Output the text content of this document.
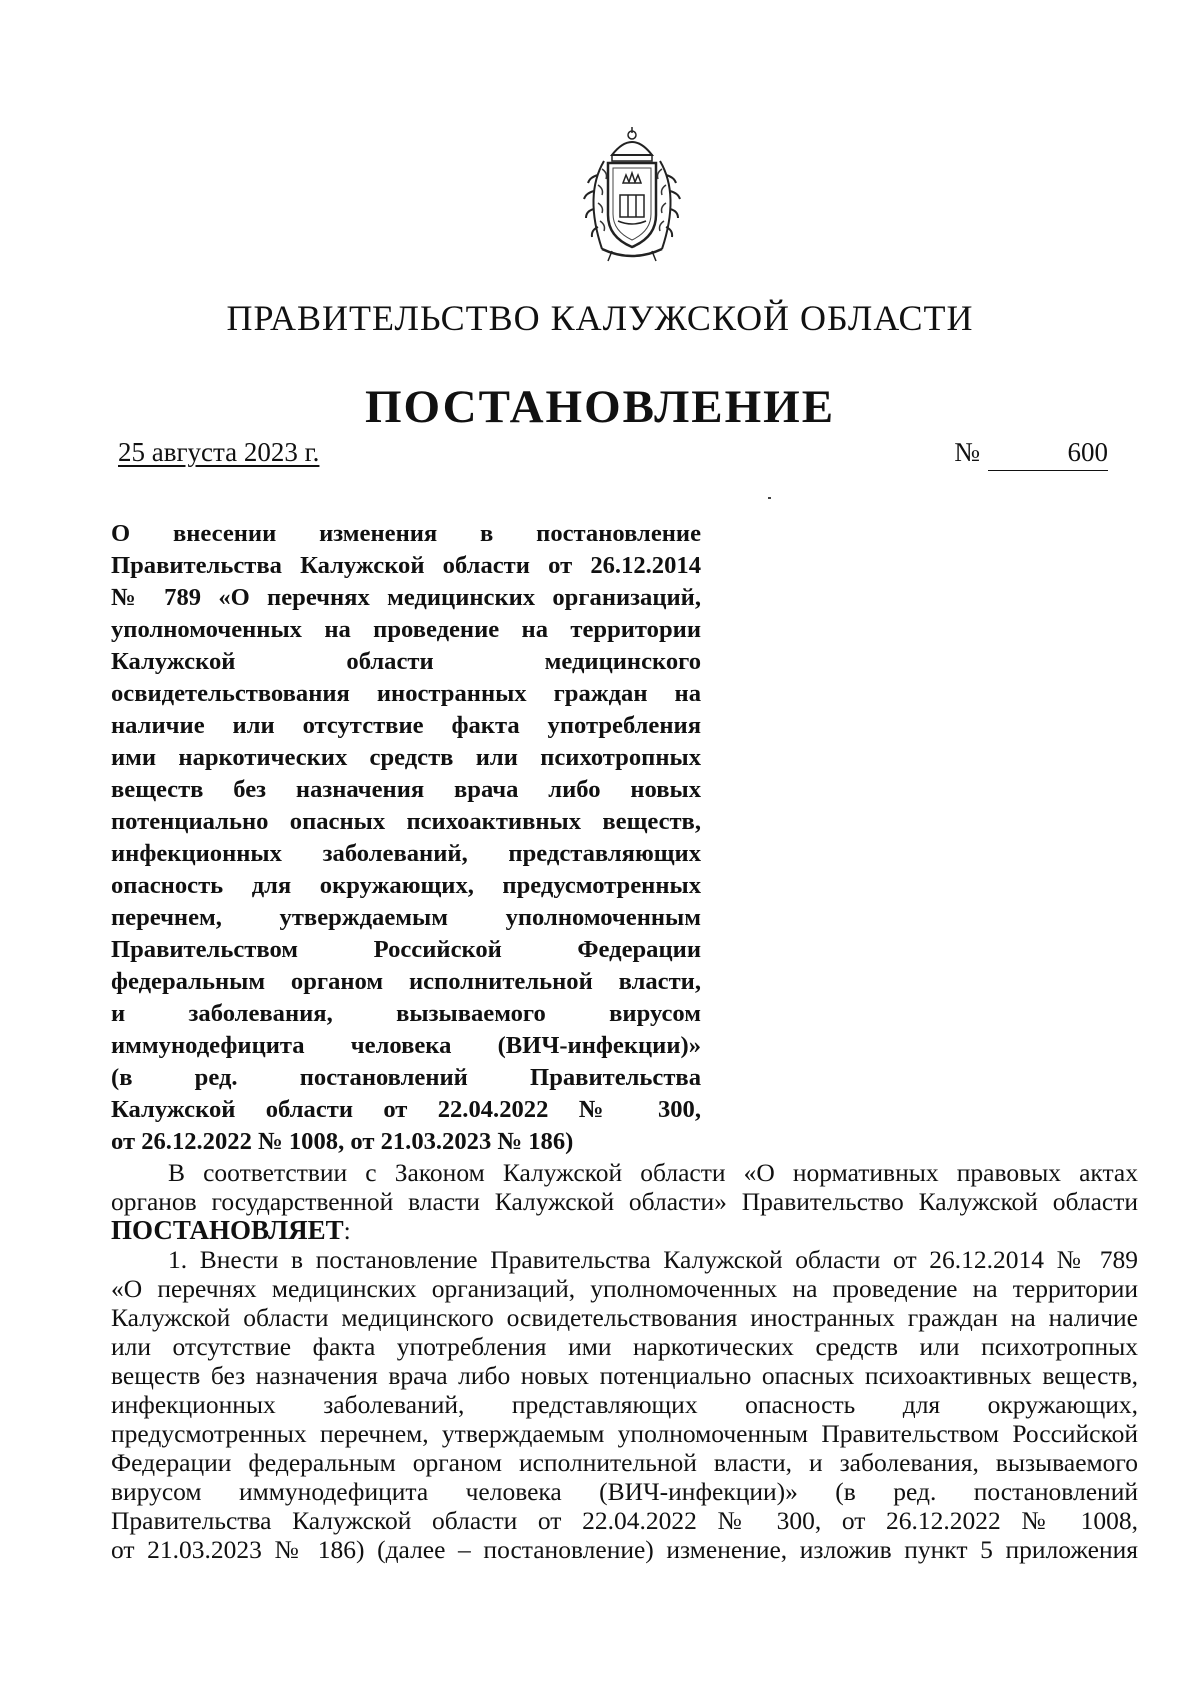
ПРАВИТЕЛЬСТВО КАЛУЖСКОЙ ОБЛАСТИ
ПОСТАНОВЛЕНИЕ
25 августа 2023 г.	№	600
О внесении изменения в постановление
Правительства Калужской области от 26.12.2014
№ 789 «О перечнях медицинских организаций,
уполномоченных на проведение на территории
Калужской области медицинского
освидетельствования иностранных граждан на
наличие или отсутствие факта употребления
ими наркотических средств или психотропных
веществ без назначения врача либо новых
потенциально опасных психоактивных веществ,
инфекционных заболеваний, представляющих
опасность для окружающих, предусмотренных
перечнем, утверждаемым уполномоченным
Правительством Российской Федерации
федеральным органом исполнительной власти,
и заболевания, вызываемого вирусом
иммунодефицита человека (ВИЧ-инфекции)»
(в ред. постановлений Правительства
Калужской области от 22.04.2022 № 300,
от 26.12.2022 № 1008, от 21.03.2023 № 186)
В соответствии с Законом Калужской области «О нормативных правовых актах
органов государственной власти Калужской области» Правительство Калужской области
ПОСТАНОВЛЯЕТ:
1. Внести в постановление Правительства Калужской области от 26.12.2014 № 789
«О перечнях медицинских организаций, уполномоченных на проведение на территории
Калужской области медицинского освидетельствования иностранных граждан на наличие
или отсутствие факта употребления ими наркотических средств или психотропных
веществ без назначения врача либо новых потенциально опасных психоактивных веществ,
инфекционных заболеваний, представляющих опасность для окружающих,
предусмотренных перечнем, утверждаемым уполномоченным Правительством Российской
Федерации федеральным органом исполнительной власти, и заболевания, вызываемого
вирусом иммунодефицита человека (ВИЧ-инфекции)» (в ред. постановлений
Правительства Калужской области от 22.04.2022 № 300, от 26.12.2022 № 1008,
от 21.03.2023 № 186) (далее – постановление) изменение, изложив пункт 5 приложения
